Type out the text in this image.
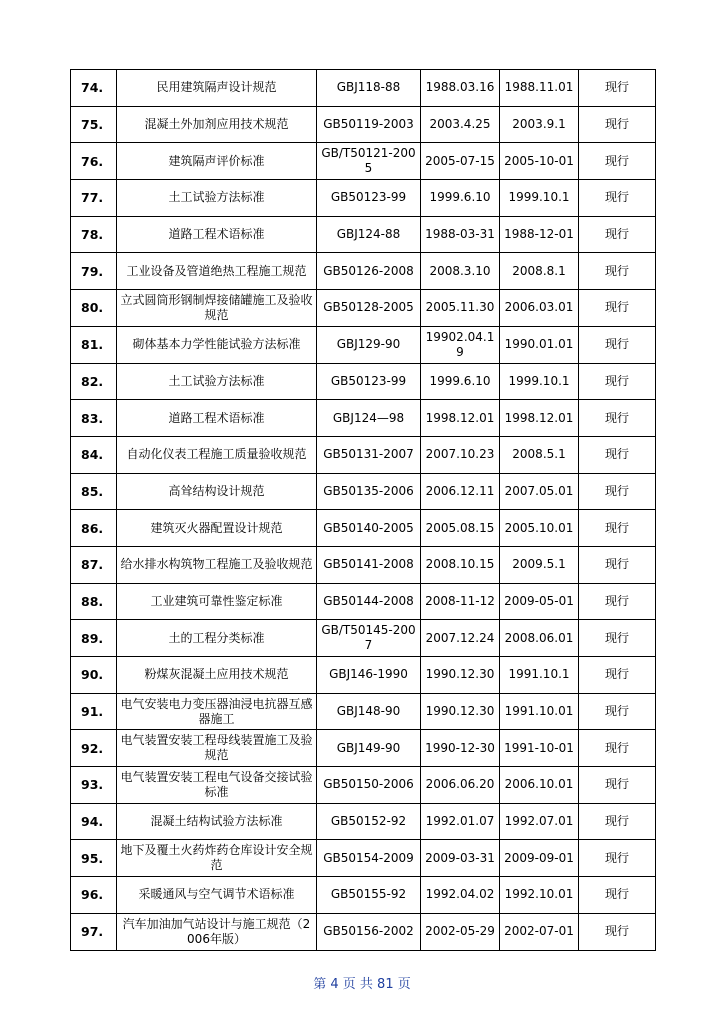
74.	民用建筑隔声设计规范	GBJ118-88	1988.03.16	1988.11.01	现行
75.	混凝土外加剂应用技术规范	GB50119-2003	2003.4.25	2003.9.1	现行
76.	建筑隔声评价标准	GB/T50121-2005	2005-07-15	2005-10-01	现行
77.	土工试验方法标准	GB50123-99	1999.6.10	1999.10.1	现行
78.	道路工程术语标准	GBJ124-88	1988-03-31	1988-12-01	现行
79.	工业设备及管道绝热工程施工规范	GB50126-2008	2008.3.10	2008.8.1	现行
80.	立式圆筒形钢制焊接储罐施工及验收规范	GB50128-2005	2005.11.30	2006.03.01	现行
81.	砌体基本力学性能试验方法标准	GBJ129-90	19902.04.19	1990.01.01	现行
82.	土工试验方法标准	GB50123-99	1999.6.10	1999.10.1	现行
83.	道路工程术语标准	GBJ124—98	1998.12.01	1998.12.01	现行
84.	自动化仪表工程施工质量验收规范	GB50131-2007	2007.10.23	2008.5.1	现行
85.	高耸结构设计规范	GB50135-2006	2006.12.11	2007.05.01	现行
86.	建筑灭火器配置设计规范	GB50140-2005	2005.08.15	2005.10.01	现行
87.	给水排水构筑物工程施工及验收规范	GB50141-2008	2008.10.15	2009.5.1	现行
88.	工业建筑可靠性鉴定标准	GB50144-2008	2008-11-12	2009-05-01	现行
89.	土的工程分类标准	GB/T50145-2007	2007.12.24	2008.06.01	现行
90.	粉煤灰混凝土应用技术规范	GBJ146-1990	1990.12.30	1991.10.1	现行
91.	电气安装电力变压器油浸电抗器互感器施工	GBJ148-90	1990.12.30	1991.10.01	现行
92.	电气装置安装工程母线装置施工及验规范	GBJ149-90	1990-12-30	1991-10-01	现行
93.	电气装置安装工程电气设备交接试验标准	GB50150-2006	2006.06.20	2006.10.01	现行
94.	混凝土结构试验方法标准	GB50152-92	1992.01.07	1992.07.01	现行
95.	地下及覆土火药炸药仓库设计安全规范	GB50154-2009	2009-03-31	2009-09-01	现行
96.	采暖通风与空气调节术语标准	GB50155-92	1992.04.02	1992.10.01	现行
97.	汽车加油加气站设计与施工规范（2006年版）	GB50156-2002	2002-05-29	2002-07-01	现行
第 4 页 共 81 页
